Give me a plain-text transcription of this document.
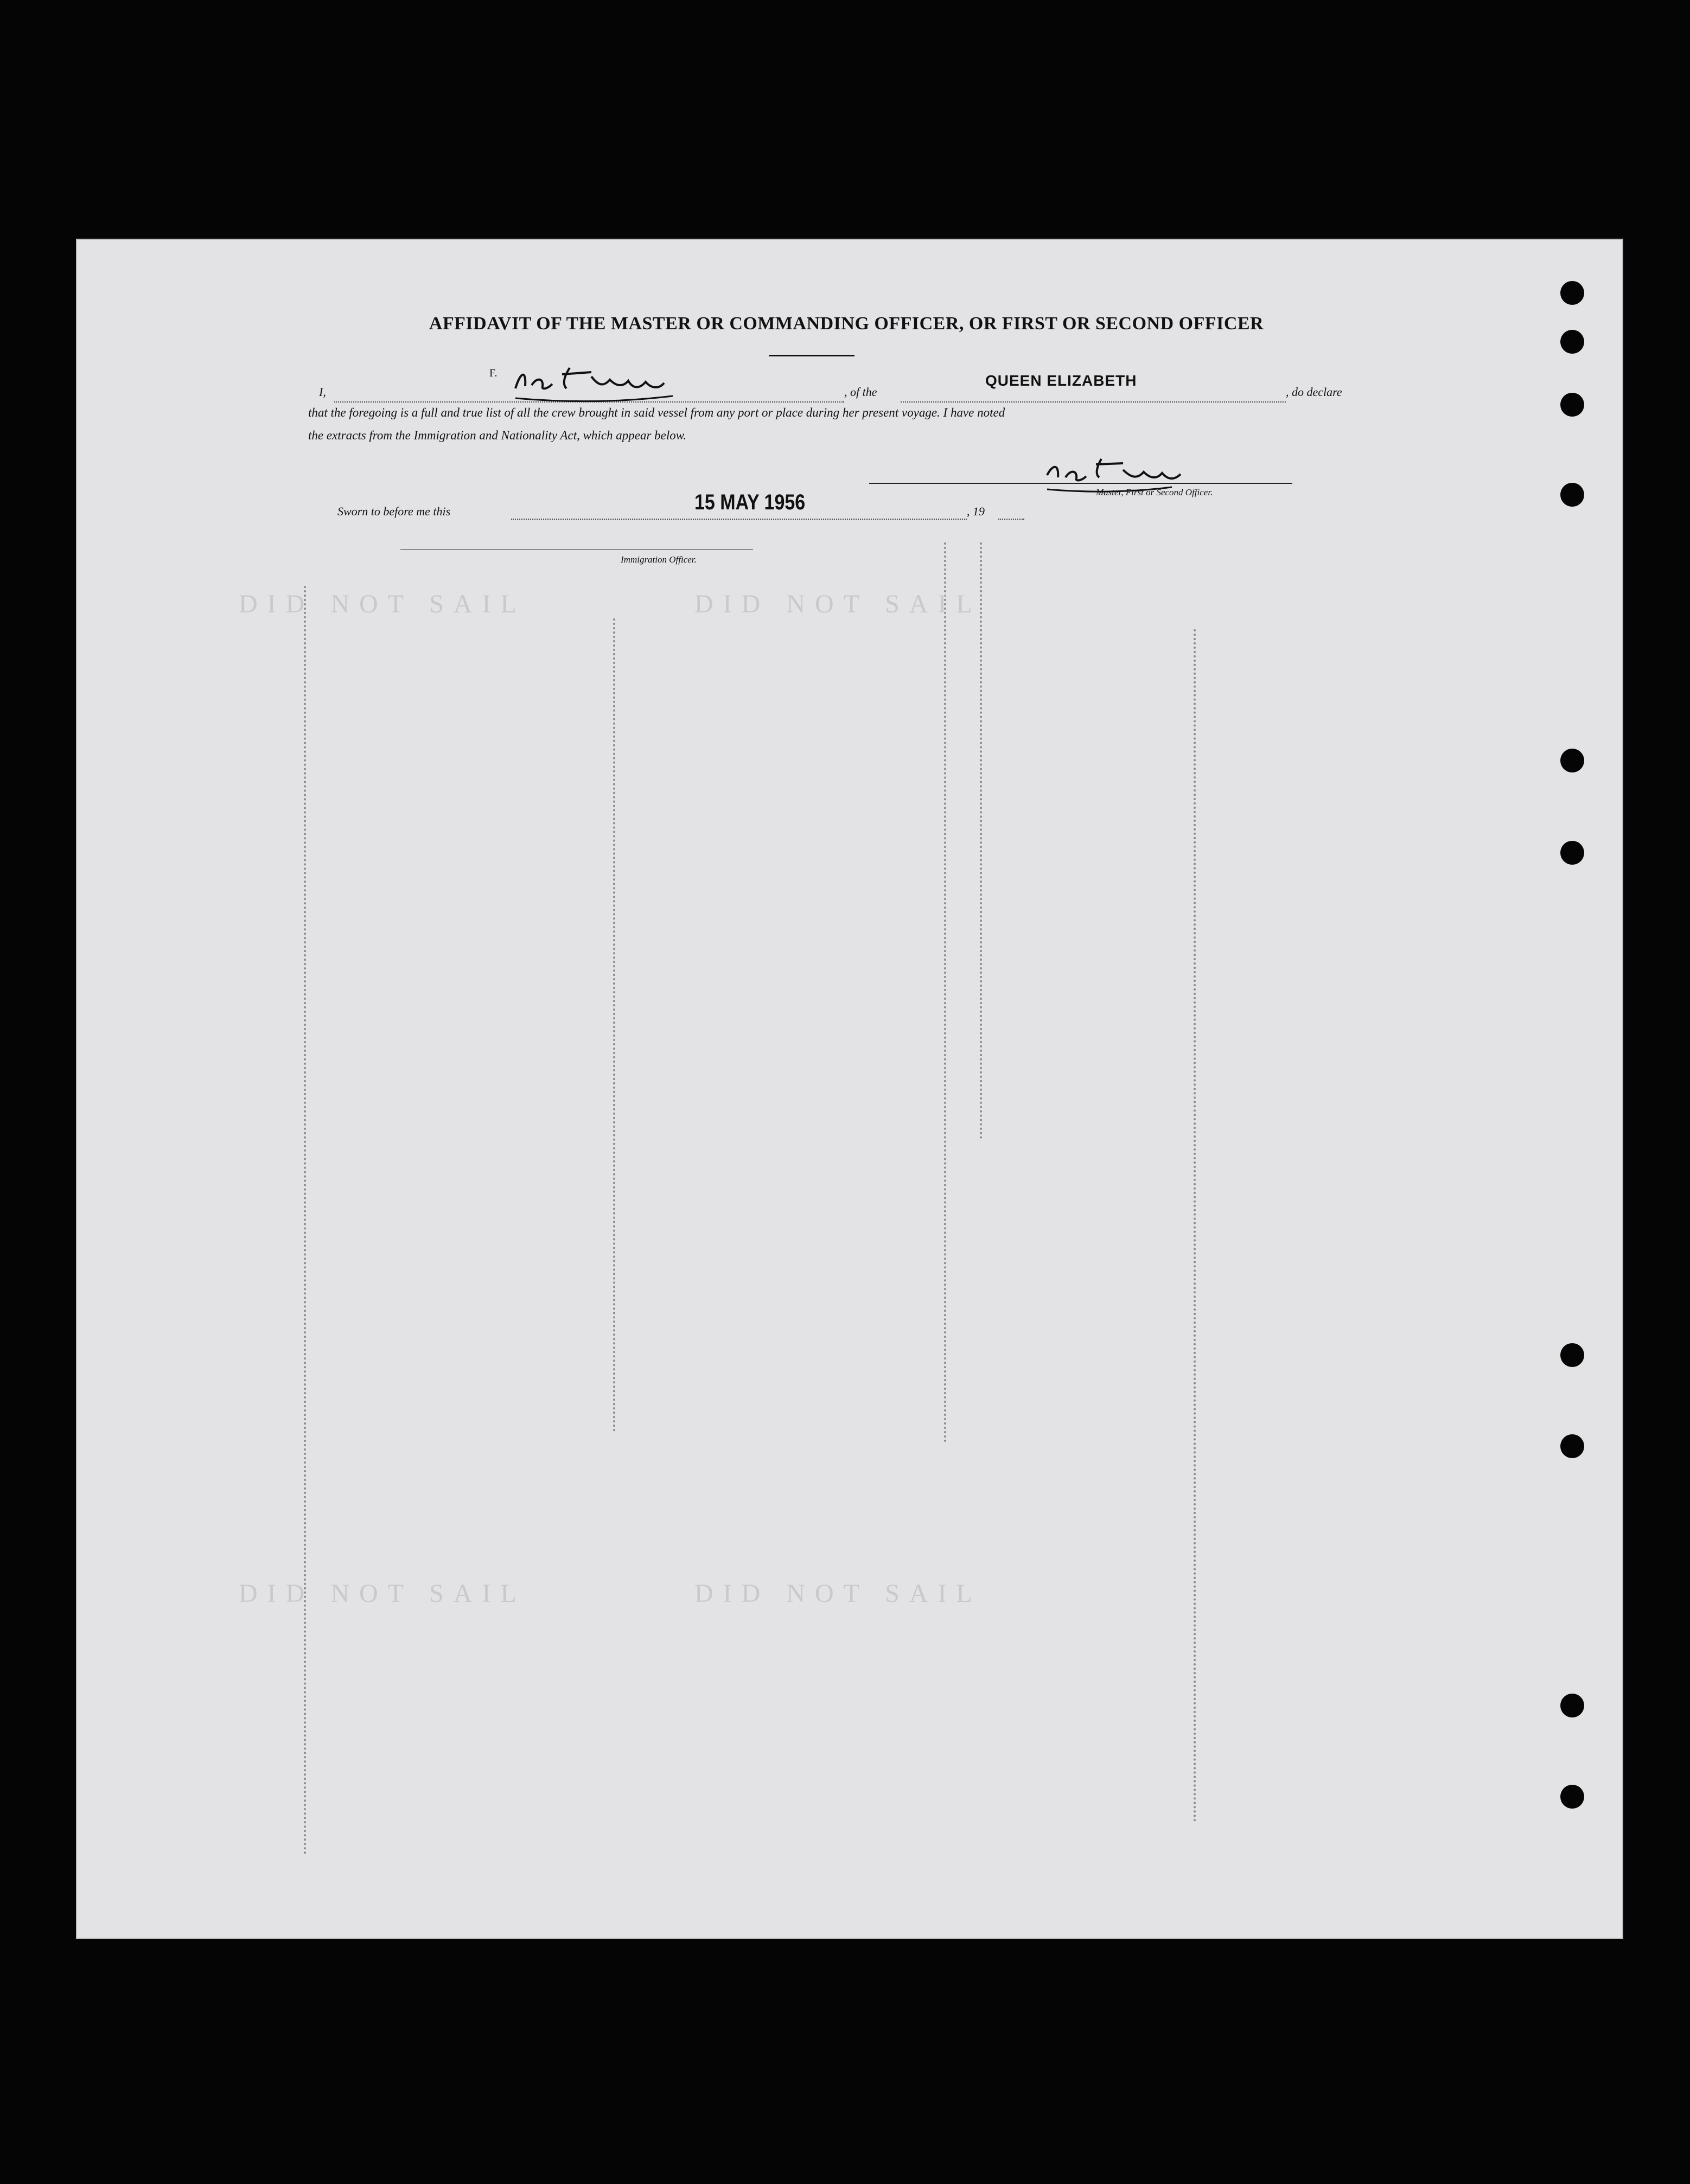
AFFIDAVIT OF THE MASTER OR COMMANDING OFFICER, OR FIRST OR SECOND OFFICER
I,
F.
, of the
QUEEN ELIZABETH
, do declare
that the foregoing is a full and true list of all the crew brought in said vessel from any port or place during her present voyage. I have noted
the extracts from the Immigration and Nationality Act, which appear below.
Master, First or Second Officer.
Sworn to before me this	15 MAY 1956	, 19
Immigration Officer.
DID NOT SAIL	DID NOT SAIL
DID NOT SAIL	DID NOT SAIL
